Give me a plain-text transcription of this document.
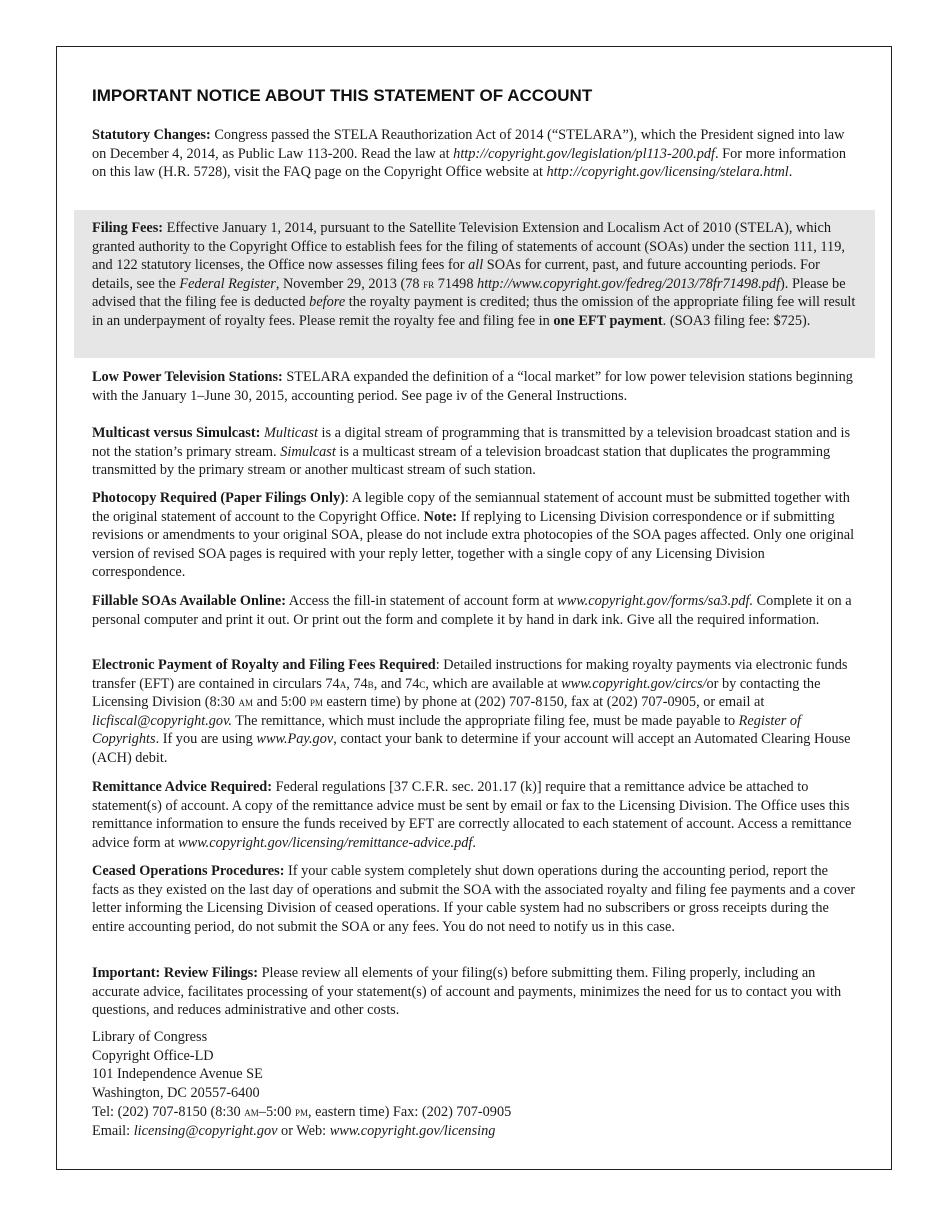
IMPORTANT NOTICE ABOUT THIS STATEMENT OF ACCOUNT

Statutory Changes: Congress passed the STELA Reauthorization Act of 2014 (“STELARA”), which the President signed into law on December 4, 2014, as Public Law 113-200. Read the law at http://copyright.gov/legislation/pl113-200.pdf. For more information on this law (H.R. 5728), visit the FAQ page on the Copyright Office website at http://copyright.gov/licensing/stelara.html.

Filing Fees: Effective January 1, 2014, pursuant to the Satellite Television Extension and Localism Act of 2010 (STELA), which granted authority to the Copyright Office to establish fees for the filing of statements of account (SOAs) under the section 111, 119, and 122 statutory licenses, the Office now assesses filing fees for all SOAs for current, past, and future accounting periods. For details, see the Federal Register, November 29, 2013 (78 fr 71498 http://www.copyright.gov/fedreg/2013/78fr71498.pdf). Please be advised that the filing fee is deducted before the royalty payment is credited; thus the omission of the appropriate filing fee will result in an underpayment of royalty fees. Please remit the royalty fee and filing fee in one EFT payment. (SOA3 filing fee: $725).

Low Power Television Stations: STELARA expanded the definition of a “local market” for low power television stations beginning with the January 1–June 30, 2015, accounting period. See page iv of the General Instructions.

Multicast versus Simulcast: Multicast is a digital stream of programming that is transmitted by a television broadcast station and is not the station’s primary stream. Simulcast is a multicast stream of a television broadcast station that duplicates the programming transmitted by the primary stream or another multicast stream of such station.

Photocopy Required (Paper Filings Only): A legible copy of the semiannual statement of account must be submitted together with the original statement of account to the Copyright Office. Note: If replying to Licensing Division correspondence or if submitting revisions or amendments to your original SOA, please do not include extra photocopies of the SOA pages affected. Only one original version of revised SOA pages is required with your reply letter, together with a single copy of any Licensing Division correspondence.

Fillable SOAs Available Online: Access the fill-in statement of account form at www.copyright.gov/forms/sa3.pdf. Complete it on a personal computer and print it out. Or print out the form and complete it by hand in dark ink. Give all the required information.

Electronic Payment of Royalty and Filing Fees Required: Detailed instructions for making royalty payments via electronic funds transfer (EFT) are contained in circulars 74a, 74b, and 74c, which are available at www.copyright.gov/circs/or by contacting the Licensing Division (8:30 am and 5:00 pm eastern time) by phone at (202) 707-8150, fax at (202) 707-0905, or email at licfiscal@copyright.gov. The remittance, which must include the appropriate filing fee, must be made payable to Register of Copyrights. If you are using www.Pay.gov, contact your bank to determine if your account will accept an Automated Clearing House (ACH) debit.

Remittance Advice Required: Federal regulations [37 C.F.R. sec. 201.17 (k)] require that a remittance advice be attached to statement(s) of account. A copy of the remittance advice must be sent by email or fax to the Licensing Division. The Office uses this remittance information to ensure the funds received by EFT are correctly allocated to each statement of account. Access a remittance advice form at www.copyright.gov/licensing/remittance-advice.pdf.

Ceased Operations Procedures: If your cable system completely shut down operations during the accounting period, report the facts as they existed on the last day of operations and submit the SOA with the associated royalty and filing fee payments and a cover letter informing the Licensing Division of ceased operations. If your cable system had no subscribers or gross receipts during the entire accounting period, do not submit the SOA or any fees. You do not need to notify us in this case.

Important: Review Filings: Please review all elements of your filing(s) before submitting them. Filing properly, including an accurate advice, facilitates processing of your statement(s) of account and payments, minimizes the need for us to contact you with questions, and reduces administrative and other costs.

Library of Congress
Copyright Office-LD
101 Independence Avenue SE
Washington, DC 20557-6400
Tel: (202) 707-8150 (8:30 am–5:00 pm, eastern time) Fax: (202) 707-0905
Email: licensing@copyright.gov or Web: www.copyright.gov/licensing
